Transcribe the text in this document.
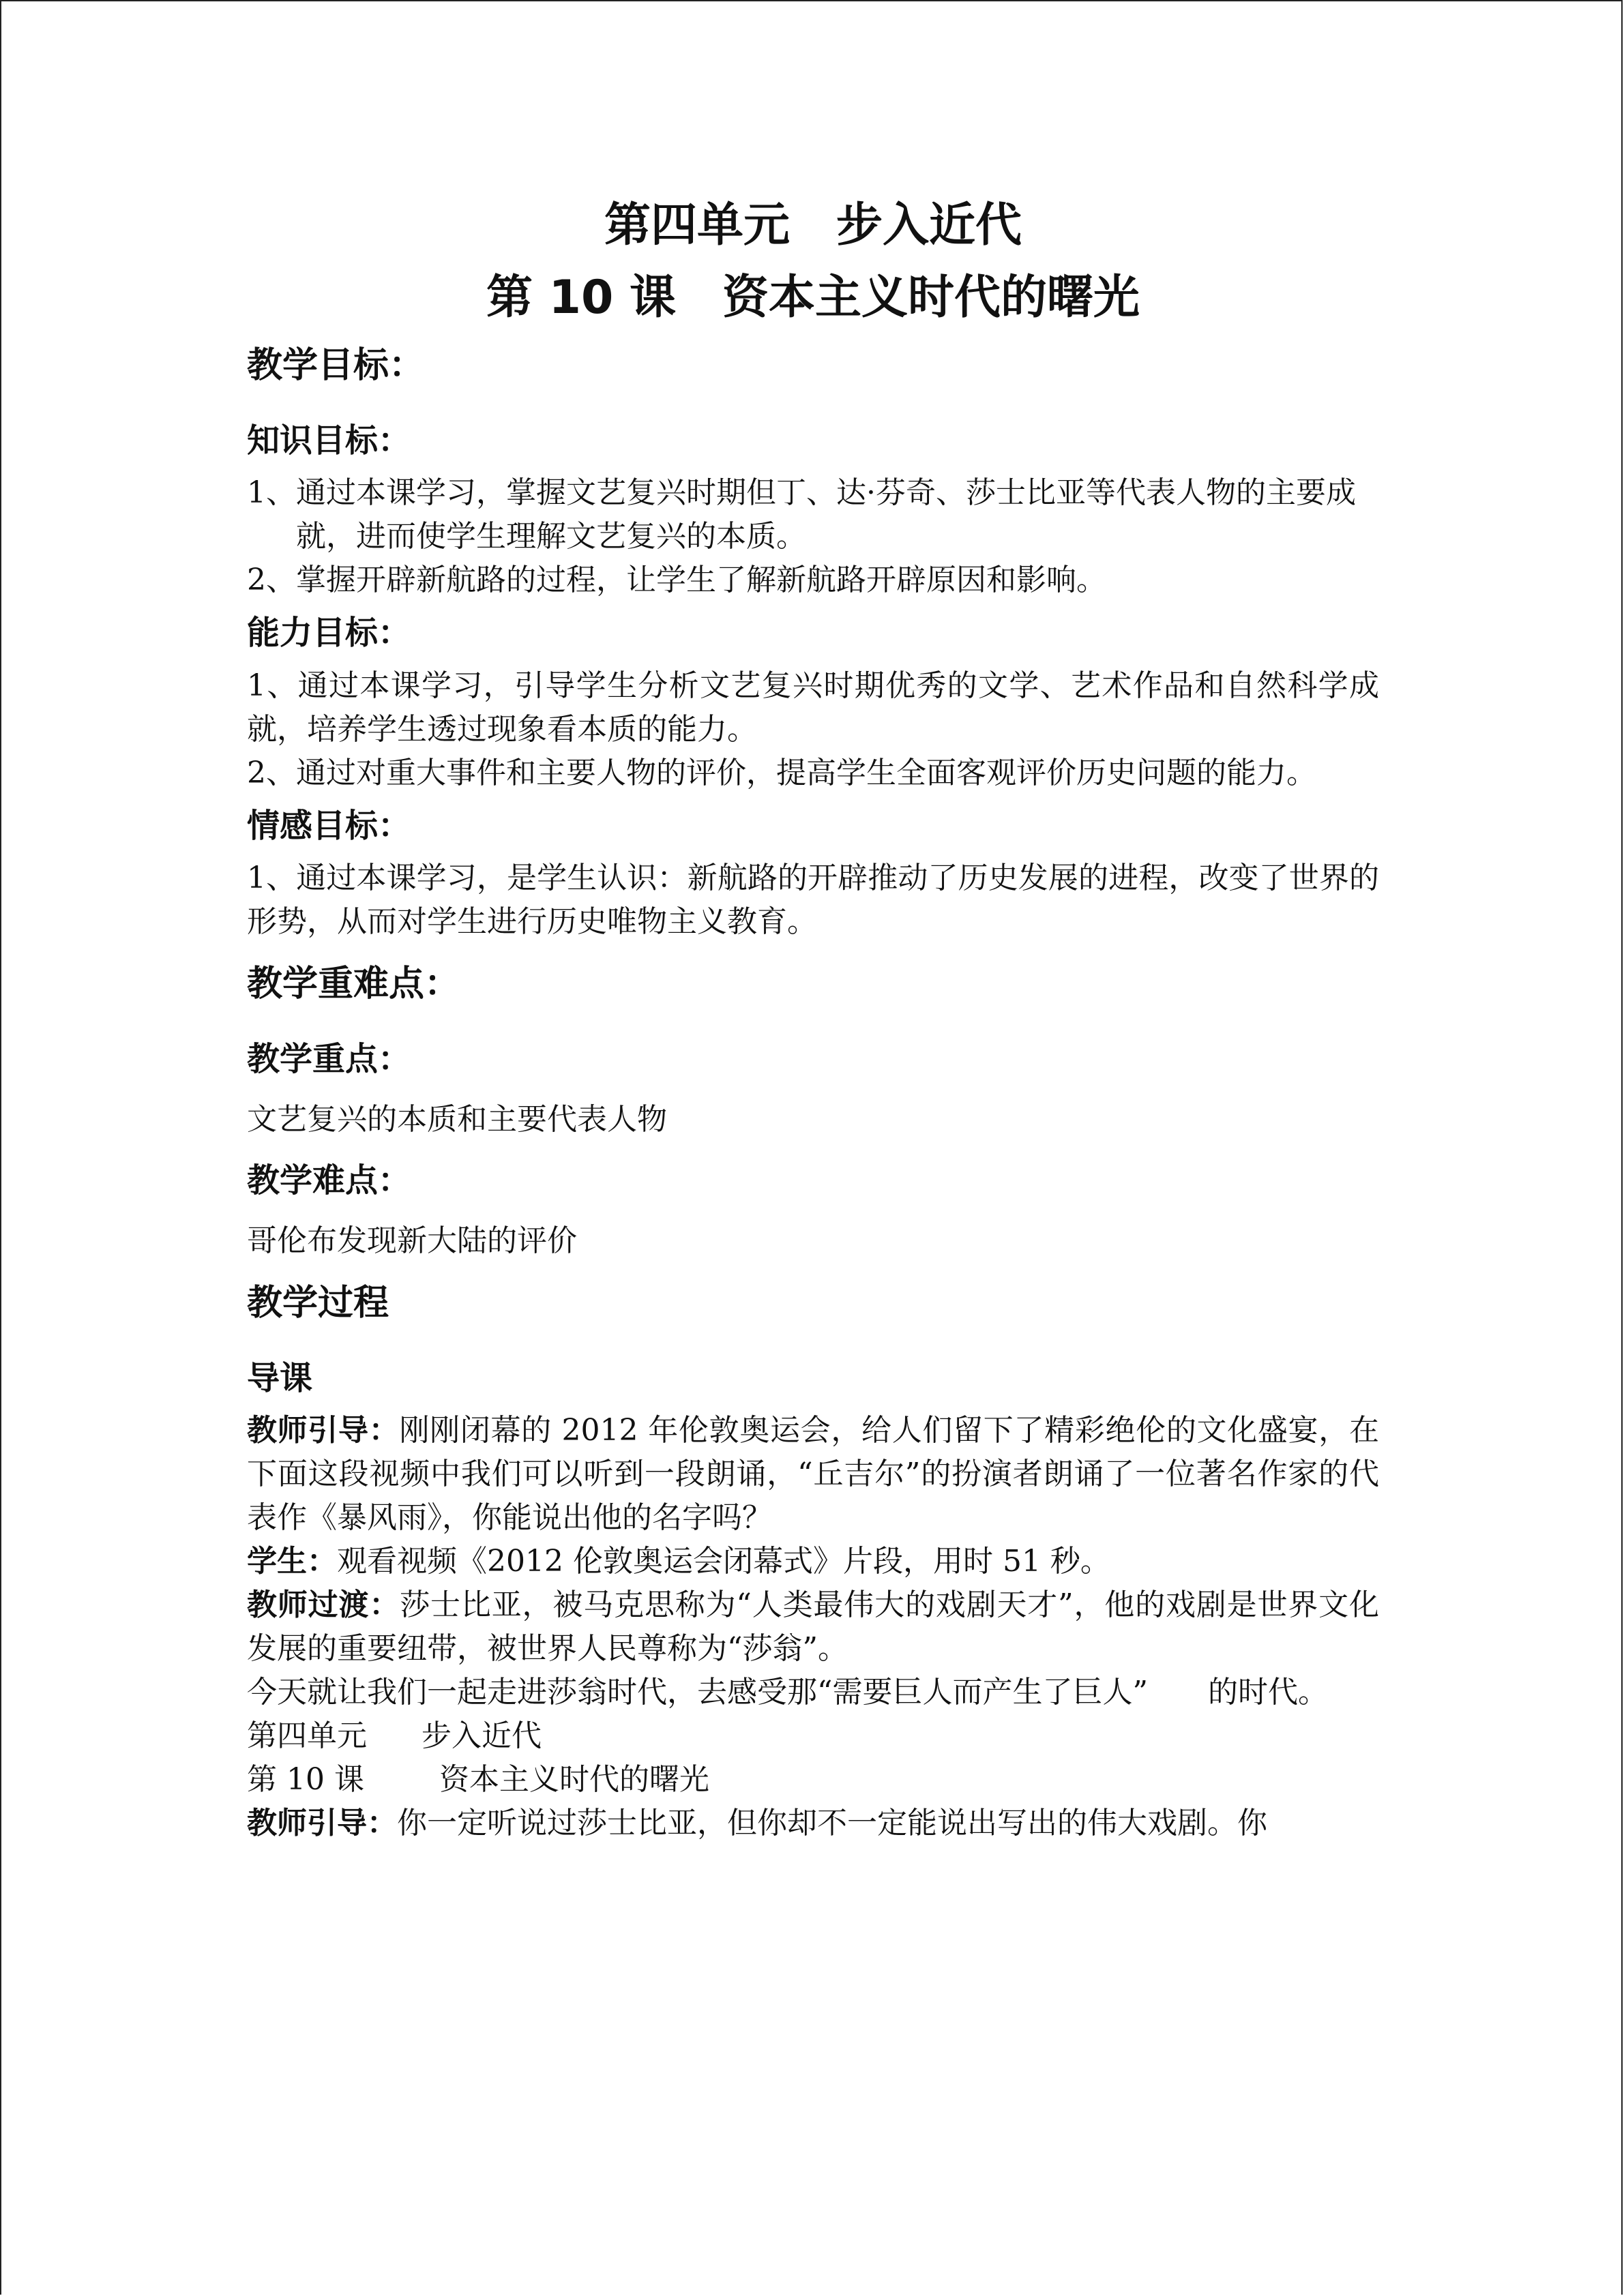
第四单元　步入近代
第 10 课　资本主义时代的曙光
教学目标：
知识目标：

1、通过本课学习，掌握文艺复兴时期但丁、达·芬奇、莎士比亚等代表人物的主要成就，进而使学生理解文艺复兴的本质。

2、掌握开辟新航路的过程，让学生了解新航路开辟原因和影响。

能力目标：

1、通过本课学习，引导学生分析文艺复兴时期优秀的文学、艺术作品和自然科学成就，培养学生透过现象看本质的能力。

2、通过对重大事件和主要人物的评价，提高学生全面客观评价历史问题的能力。

情感目标：

1、通过本课学习，是学生认识：新航路的开辟推动了历史发展的进程，改变了世界的形势，从而对学生进行历史唯物主义教育。

教学重难点：
教学重点：

文艺复兴的本质和主要代表人物

教学难点：

哥伦布发现新大陆的评价

教学过程
导课

教师引导：刚刚闭幕的 2012 年伦敦奥运会，给人们留下了精彩绝伦的文化盛宴，在下面这段视频中我们可以听到一段朗诵，“丘吉尔”的扮演者朗诵了一位著名作家的代表作《暴风雨》，你能说出他的名字吗？

学生：观看视频《2012 伦敦奥运会闭幕式》片段，用时 51 秒。

教师过渡：莎士比亚，被马克思称为“人类最伟大的戏剧天才”，他的戏剧是世界文化发展的重要纽带，被世界人民尊称为“莎翁”。

今天就让我们一起走进莎翁时代，去感受那“需要巨人而产生了巨人”　　的时代。

第四单元 步入近代

第 10 课	资本主义时代的曙光

教师引导：你一定听说过莎士比亚，但你却不一定能说出写出的伟大戏剧。你
